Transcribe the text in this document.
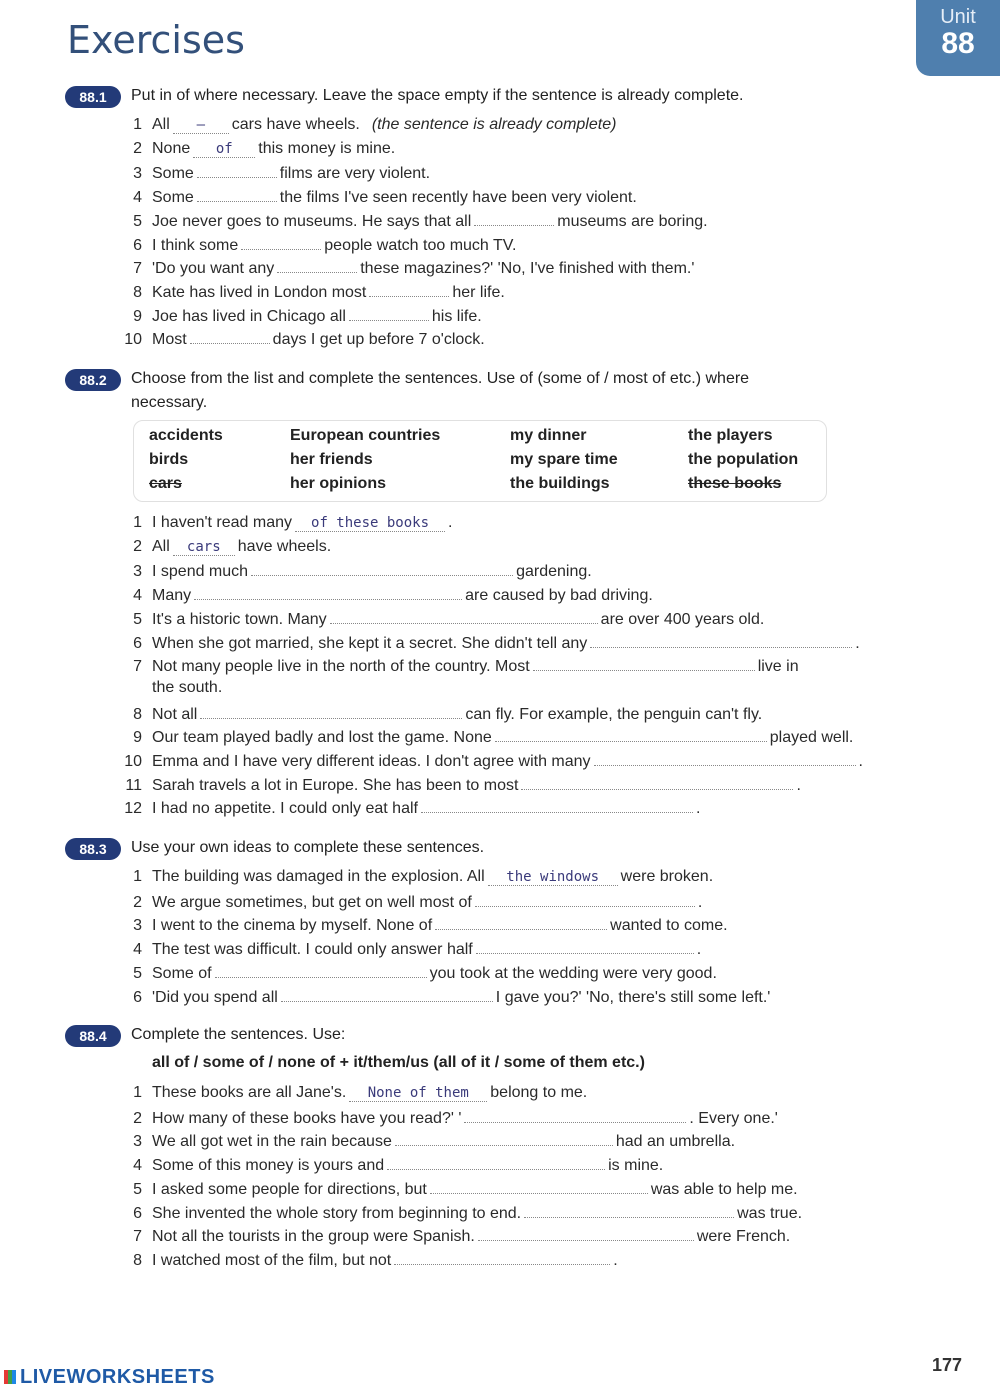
Exercises
Unit
88
88.1	Put in of where necessary. Leave the space empty if the sentence is already complete.
1 All – cars have wheels. (the sentence is already complete)
2 None of this money is mine.
3 Some	films are very violent.
4 Some	the films I've seen recently have been very violent.
5 Joe never goes to museums. He says that all	museums are boring.
6 I think some	people watch too much TV.
7 'Do you want any	these magazines?' 'No, I've finished with them.'
8 Kate has lived in London most	her life.
9 Joe has lived in Chicago all	his life.
10 Most	days I get up before 7 o'clock.
88.2	Choose from the list and complete the sentences. Use of (some of / most of etc.) where
necessary.
accidents
birds
cars
European countries
her friends
her opinions
my dinner
my spare time
the buildings
the players
the population
these books
1 I haven't read many of these books .
2 All cars have wheels.
3 I spend much	gardening.
4 Many	are caused by bad driving.
5 It's a historic town. Many	are over 400 years old.
6 When she got married, she kept it a secret. She didn't tell any	.
7 Not many people live in the north of the country. Most	live in
8 Not all	can fly. For example, the penguin can't fly.
9 Our team played badly and lost the game. None	played well.
10 Emma and I have very different ideas. I don't agree with many	.
11 Sarah travels a lot in Europe. She has been to most	.
12 I had no appetite. I could only eat half	.
the south.
88.3	Use your own ideas to complete these sentences.
1 The building was damaged in the explosion. All the windows were broken.
2 We argue sometimes, but get on well most of	.
3 I went to the cinema by myself. None of	wanted to come.
4 The test was difficult. I could only answer half	.
5 Some of	you took at the wedding were very good.
6 'Did you spend all	I gave you?' 'No, there's still some left.'
88.4	Complete the sentences. Use:
all of / some of / none of + it/them/us (all of it / some of them etc.)
1 These books are all Jane's. None of them belong to me.
2 How many of these books have you read?' '	. Every one.'
3 We all got wet in the rain because	had an umbrella.
4 Some of this money is yours and	is mine.
5 I asked some people for directions, but	was able to help me.
6 She invented the whole story from beginning to end.	was true.
7 Not all the tourists in the group were Spanish.	were French.
8 I watched most of the film, but not	.
177
LIVEWORKSHEETS
